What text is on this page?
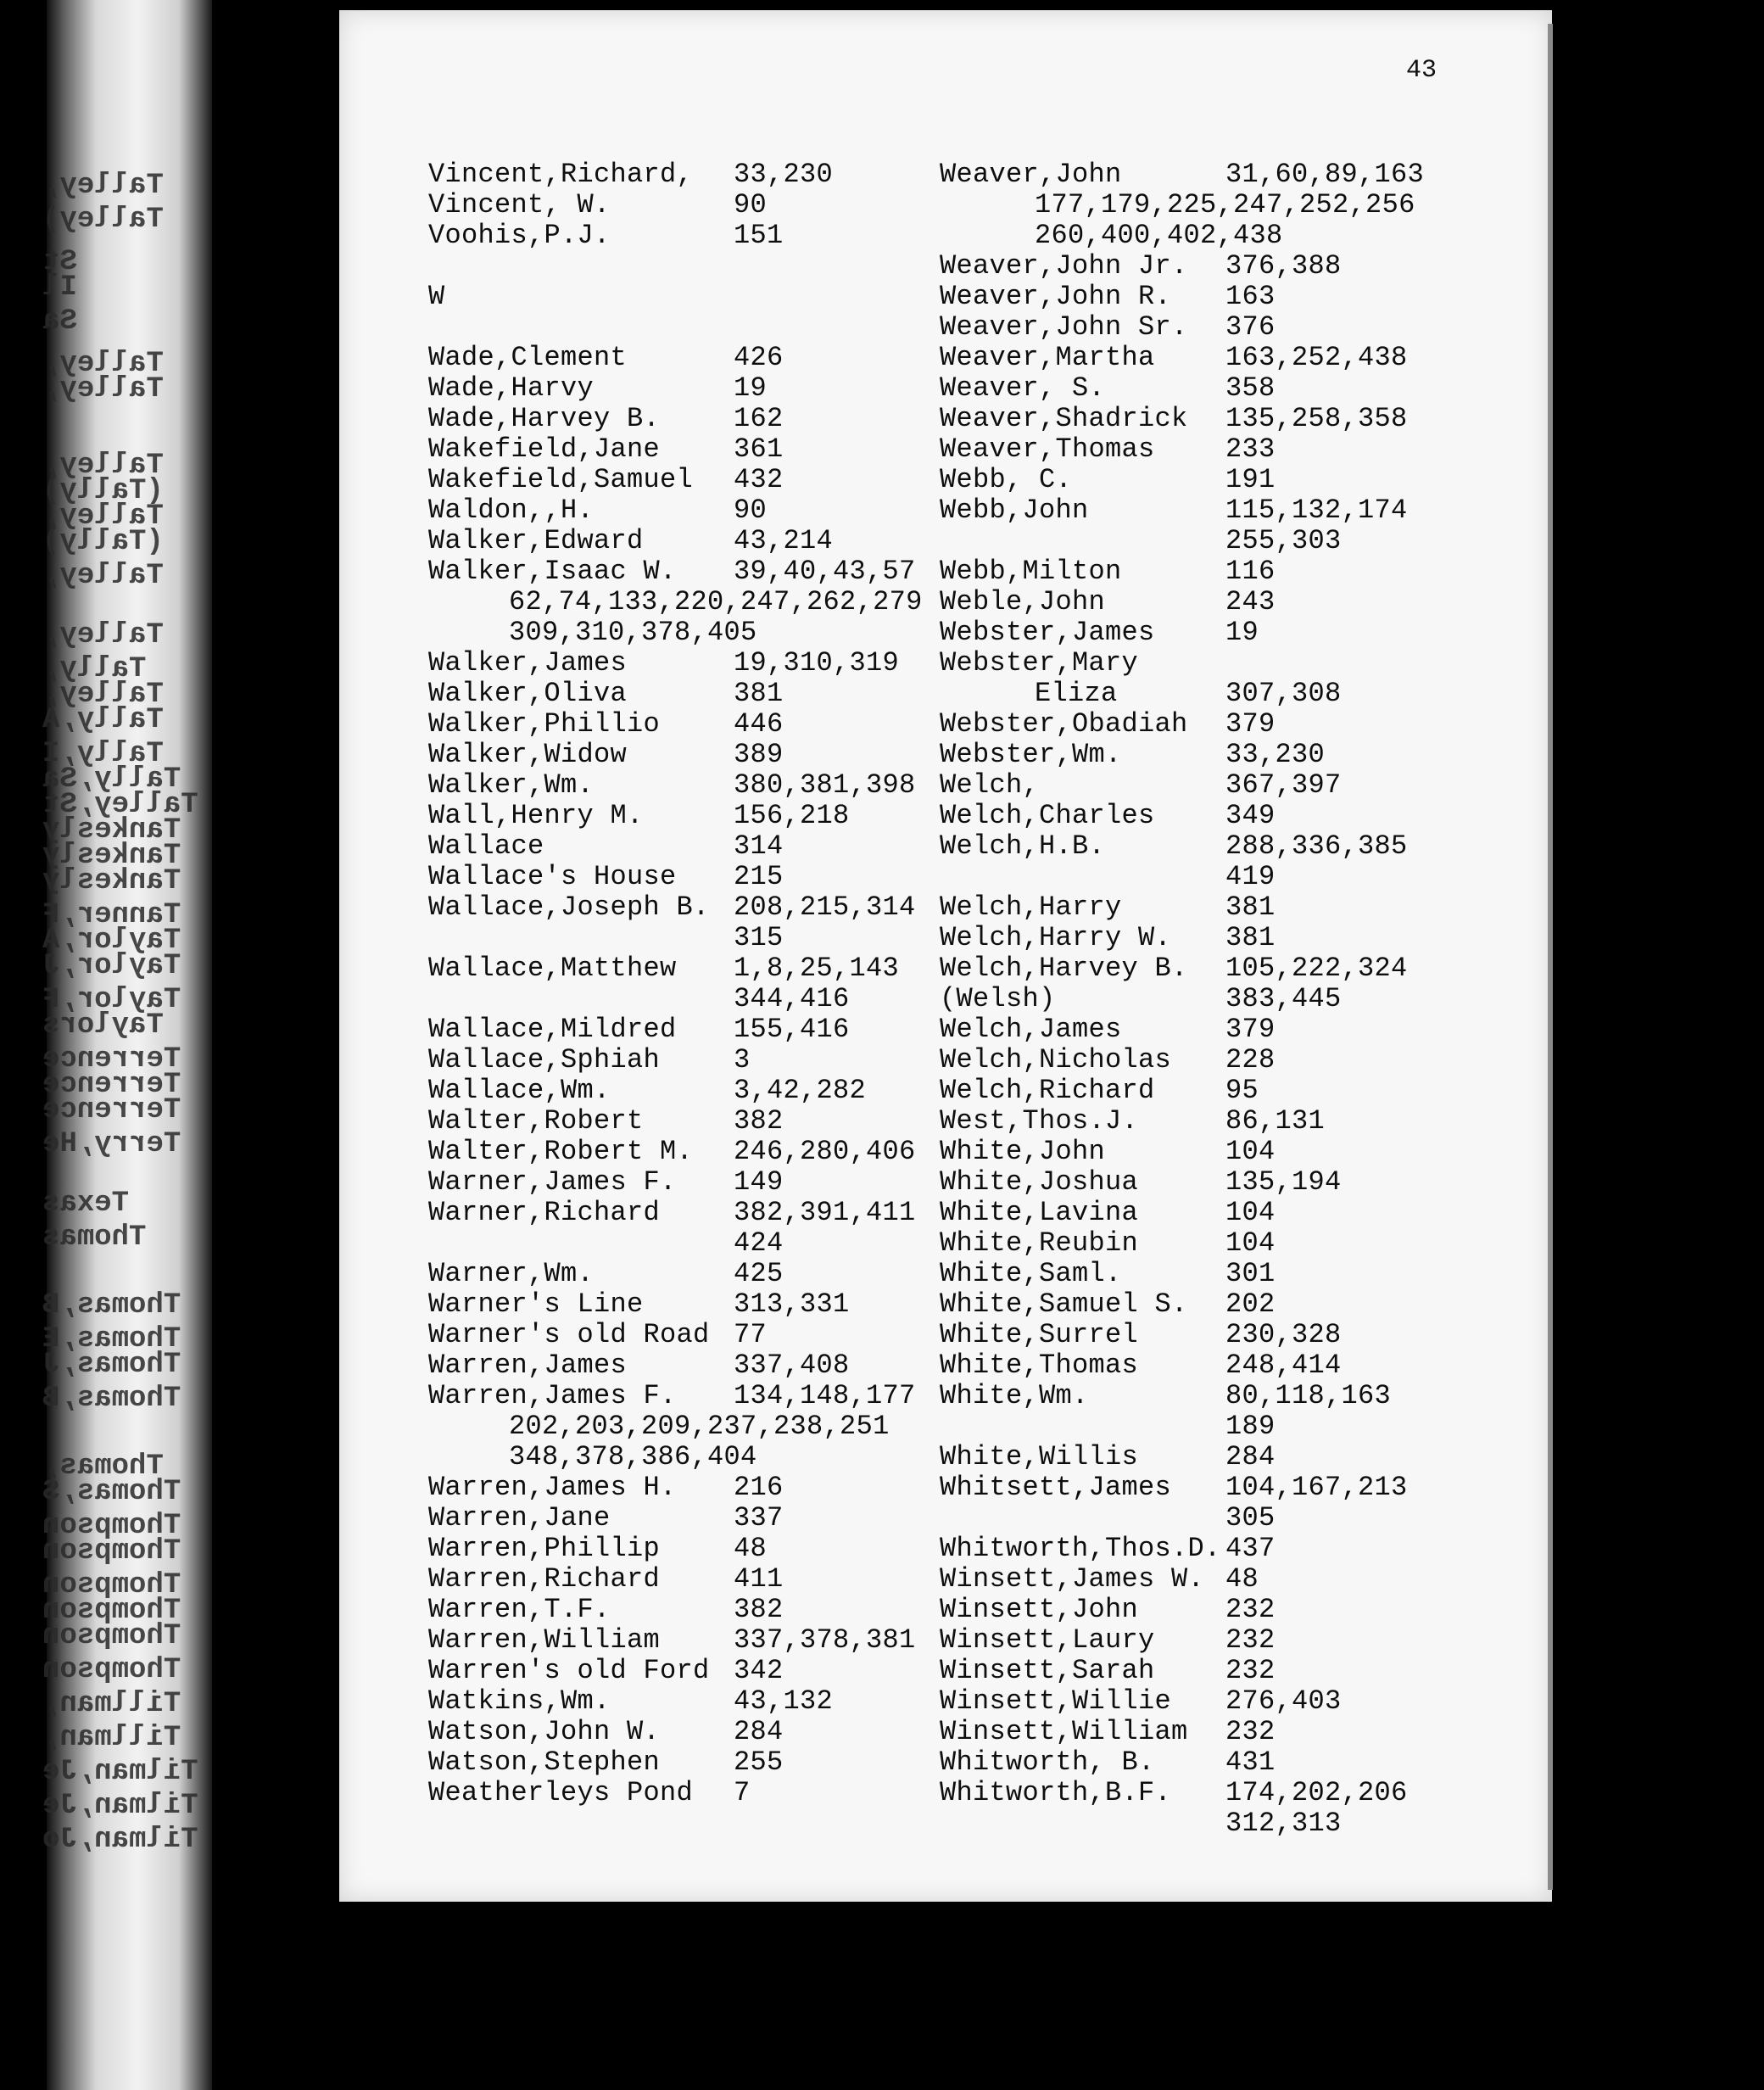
Talley,
Talley)
St
Il
Sa
Talley,
Talley,
Talley,
(Tally)
Talley,
(Tally)
Talley,
Talley,
Tally,
Talley,
Tally,A
Tally,I
Tally,Sa
Talley,St
Tankesly
Tankesly
Tankesly
Tanner,F
Taylor,A
Taylor,J
Taylor,F
Taylors
Terrence
Terrence
Terrence
Terry,He
Texas
Thomas
Thomas,B
Thomas,E
Thomas,J
Thomas,B
Thomas,
Thomas,S
Thompson
Thompson
Thompson
Thompson
Thompson
Thompson
Tillman,
Tillman,
Tilman,Je
Tilman,Je
Tilman,Jo
43
Vincent,Richard, 33,230
Vincent, W.	90
Voohis,P.J.	151
W
Wade,Clement	426
Wade,Harvy	19
Wade,Harvey B.	162
Wakefield,Jane	361
Wakefield,Samuel 432
Waldon,,H.	90
Walker,Edward	43,214
Walker,Isaac W. 39,40,43,57
62,74,133,220,247,262,279
309,310,378,405
Walker,James	19,310,319
Walker,Oliva	381
Walker,Phillio	446
Walker,Widow	389
Walker,Wm.	380,381,398
Wall,Henry M.	156,218
Wallace	314
Wallace's House 215
Wallace,Joseph B. 208,215,314
315
Wallace,Matthew 1,8,25,143
344,416
Wallace,Mildred 155,416
Wallace,Sphiah	3
Wallace,Wm.	3,42,282
Walter,Robert	382
Walter,Robert M. 246,280,406
Warner,James F. 149
Warner,Richard	382,391,411
424
Warner,Wm.	425
Warner's Line	313,331
Warner's old Road 77
Warren,James	337,408
Warren,James F. 134,148,177
202,203,209,237,238,251
348,378,386,404
Warren,James H. 216
Warren,Jane	337
Warren,Phillip	48
Warren,Richard	411
Warren,T.F.	382
Warren,William	337,378,381
Warren's old Ford 342
Watkins,Wm.	43,132
Watson,John W.	284
Watson,Stephen	255
Weatherleys Pond 7
Weaver,John	31,60,89,163
177,179,225,247,252,256
260,400,402,438
Weaver,John Jr. 376,388
Weaver,John R. 163
Weaver,John Sr. 376
Weaver,Martha	163,252,438
Weaver, S.	358
Weaver,Shadrick 135,258,358
Weaver,Thomas	233
Webb, C.	191
Webb,John	115,132,174
255,303
Webb,Milton	116
Weble,John	243
Webster,James	19
Webster,Mary
Eliza	307,308
Webster,Obadiah 379
Webster,Wm.	33,230
Welch,	367,397
Welch,Charles	349
Welch,H.B.	288,336,385
419
Welch,Harry	381
Welch,Harry W. 381
Welch,Harvey B. 105,222,324
(Welsh)	383,445
Welch,James	379
Welch,Nicholas 228
Welch,Richard	95
West,Thos.J.	86,131
White,John	104
White,Joshua	135,194
White,Lavina	104
White,Reubin	104
White,Saml.	301
White,Samuel S. 202
White,Surrel	230,328
White,Thomas	248,414
White,Wm.	80,118,163
189
White,Willis	284
Whitsett,James 104,167,213
305
Whitworth,Thos.D. 437
Winsett,James W. 48
Winsett,John	232
Winsett,Laury	232
Winsett,Sarah	232
Winsett,Willie 276,403
Winsett,William 232
Whitworth, B.	431
Whitworth,B.F. 174,202,206
312,313
